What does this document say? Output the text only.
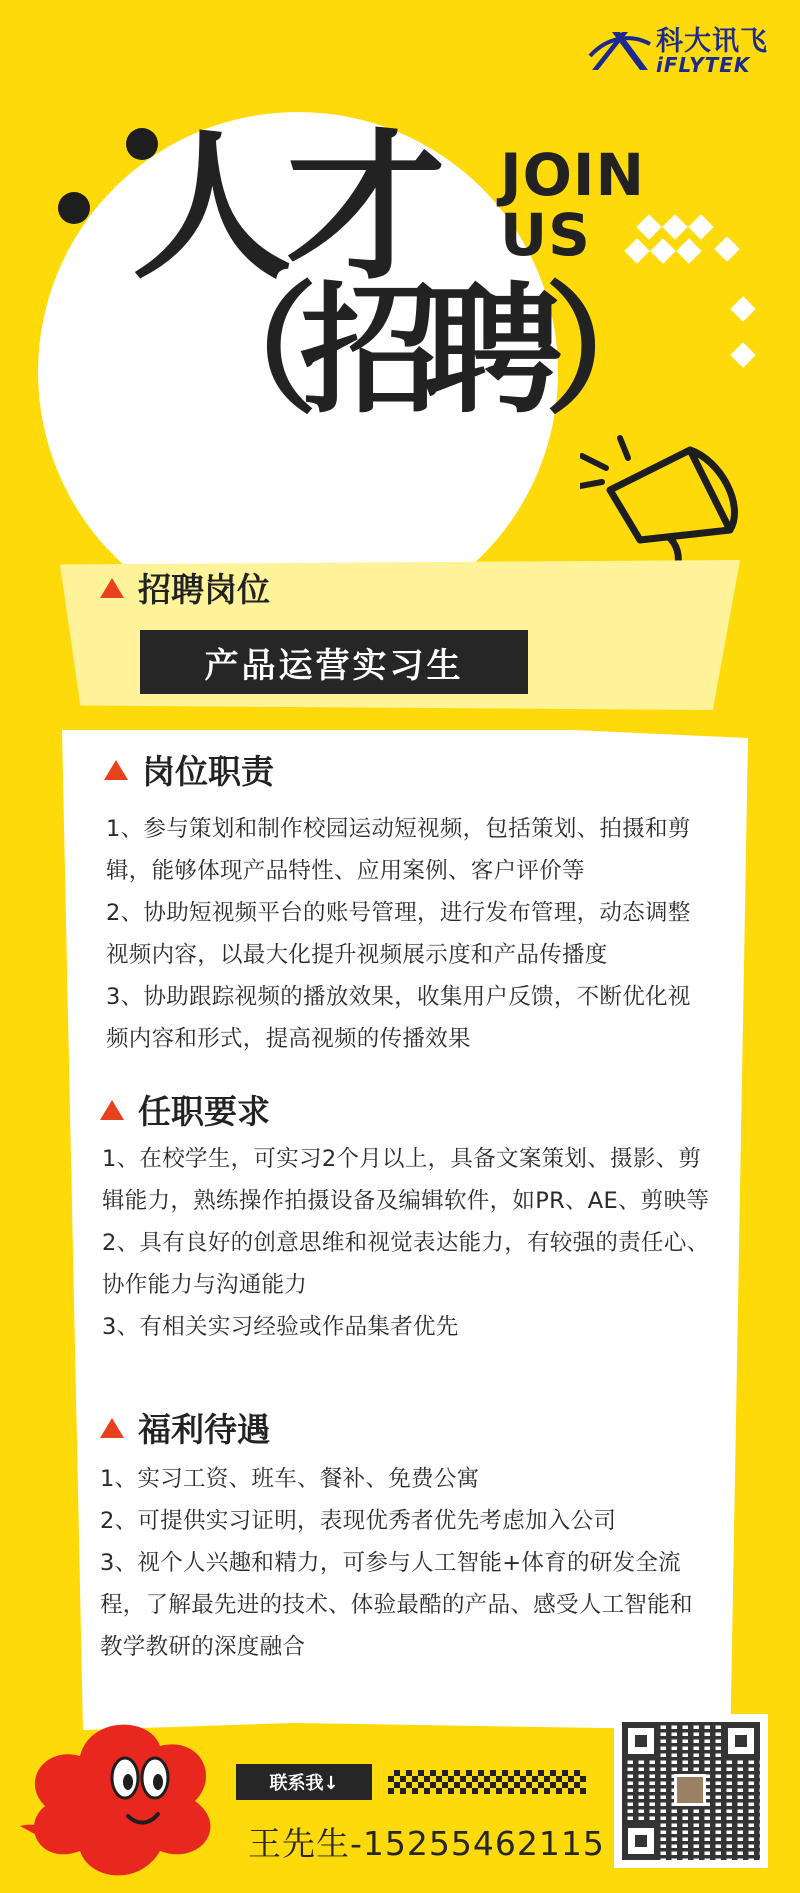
科大讯飞
iFLYTEK
人才
（招聘）
JOIN
US
招聘岗位
产品运营实习生
岗位职责

1、参与策划和制作校园运动短视频，包括策划、拍摄和剪辑，能够体现产品特性、应用案例、客户评价等

2、协助短视频平台的账号管理，进行发布管理，动态调整视频内容，以最大化提升视频展示度和产品传播度

3、协助跟踪视频的播放效果，收集用户反馈，不断优化视频内容和形式，提高视频的传播效果

任职要求

1、在校学生，可实习2个月以上，具备文案策划、摄影、剪辑能力，熟练操作拍摄设备及编辑软件，如PR、AE、剪映等

2、具有良好的创意思维和视觉表达能力，有较强的责任心、协作能力与沟通能力

3、有相关实习经验或作品集者优先

福利待遇

1、实习工资、班车、餐补、免费公寓

2、可提供实习证明，表现优秀者优先考虑加入公司

3、视个人兴趣和精力，可参与人工智能+体育的研发全流程，了解最先进的技术、体验最酷的产品、感受人工智能和教学教研的深度融合

联系我↓
王先生-15255462115
